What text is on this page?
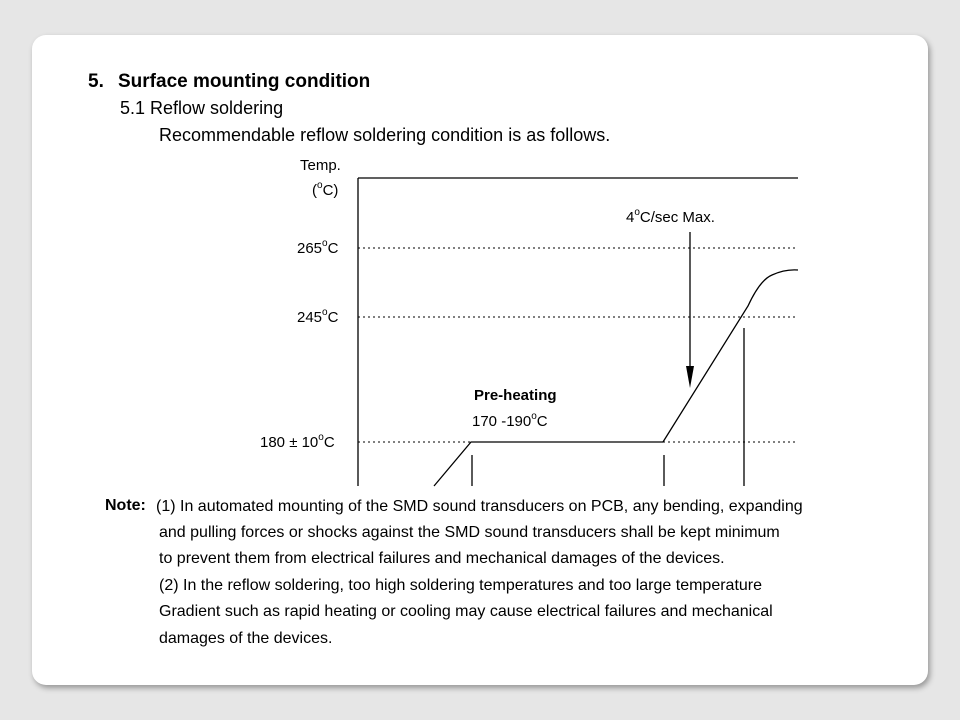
5. Surface mounting condition
5.1 Reflow soldering
Recommendable reflow soldering condition is as follows.
Temp.
($^o$C)
265$^o$C
245$^o$C
$180 \pm 10^oC$
4$^o$C/sec Max.
Pre-heating
170 -190$^o$C
Note: (1) In automated mounting of the SMD sound transducers on PCB, any bending, expanding
and pulling forces or shocks against the SMD sound transducers shall be kept minimum
to prevent them from electrical failures and mechanical damages of the devices.
(2) In the reflow soldering, too high soldering temperatures and too large temperature
Gradient such as rapid heating or cooling may cause electrical failures and mechanical
damages of the devices.
